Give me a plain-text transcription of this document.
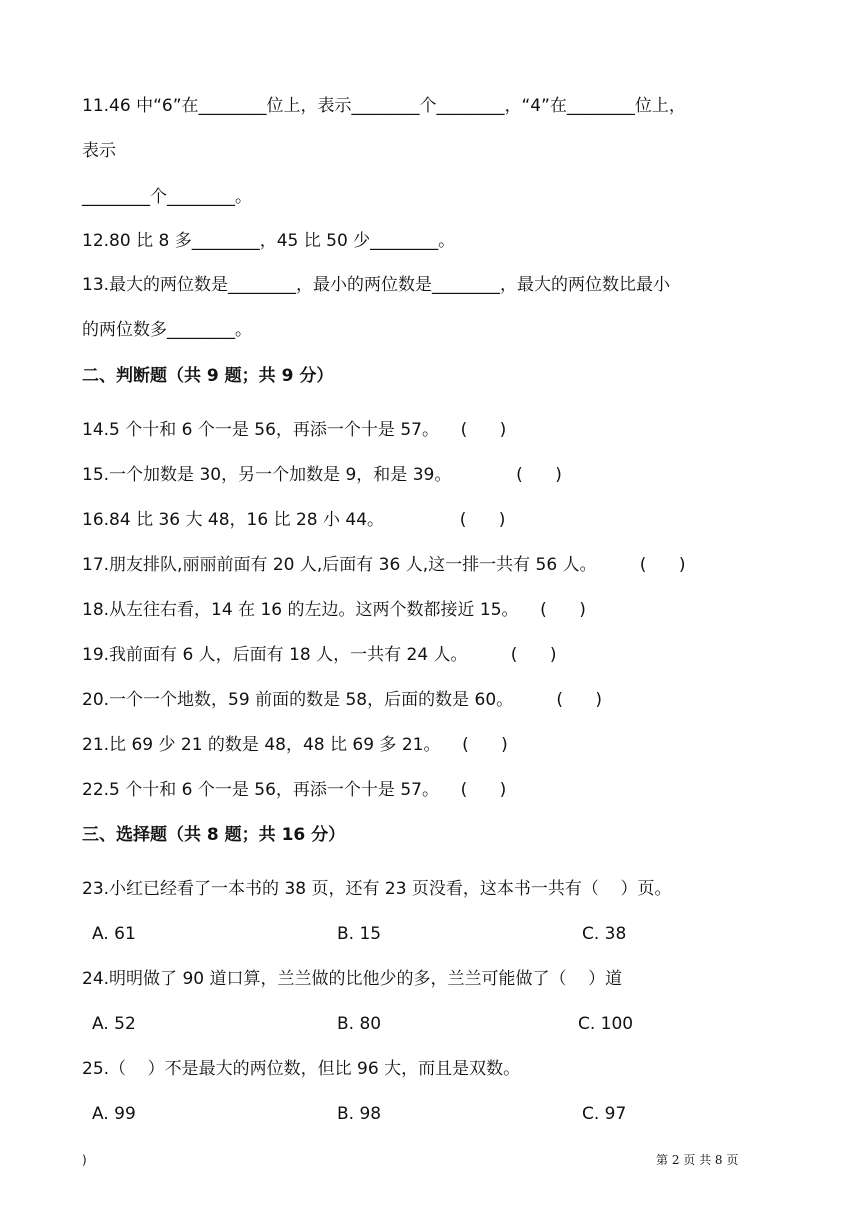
11.46 中“6”在________位上，表示________个________，“4”在________位上，
表示
________个________。
12.80 比 8 多________，45 比 50 少________。
13.最大的两位数是________，最小的两位数是________，最大的两位数比最小
的两位数多________。
二、判断题（共 9 题；共 9 分）
14.5 个十和 6 个一是 56，再添一个十是 57。    (      )
15.一个加数是 30，另一个加数是 9，和是 39。            (      )
16.84 比 36 大 48，16 比 28 小 44。              (      )
17.朋友排队,丽丽前面有 20 人,后面有 36 人,这一排一共有 56 人。        (      )
18.从左往右看，14 在 16 的左边。这两个数都接近 15。    (      )
19.我前面有 6 人，后面有 18 人，一共有 24 人。        (      )
20.一个一个地数，59 前面的数是 58，后面的数是 60。        (      )
21.比 69 少 21 的数是 48，48 比 69 多 21。    (      )
22.5 个十和 6 个一是 56，再添一个十是 57。    (      )
三、选择题（共 8 题；共 16 分）
23.小红已经看了一本书的 38 页，还有 23 页没看，这本书一共有（    ）页。
A. 61	B. 15	C. 38
24.明明做了 90 道口算，兰兰做的比他少的多，兰兰可能做了（    ）道
A. 52	B. 80	C. 100
25.（    ）不是最大的两位数，但比 96 大，而且是双数。
A. 99	B. 98	C. 97
)	第 2 页 共 8 页
